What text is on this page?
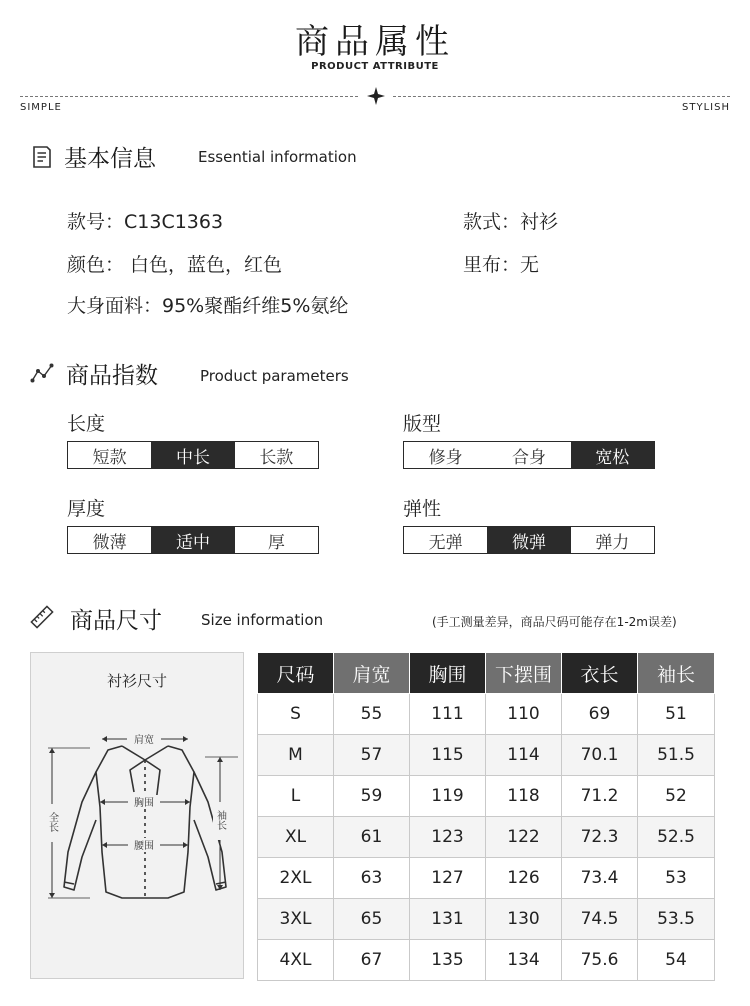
商品属性
PRODUCT ATTRIBUTE
SIMPLE	STYLISH
基本信息	Essential information
款号：C13C1363	款式：衬衫
颜色： 白色，蓝色，红色	里布：无
大身面料：95%聚酯纤维5%氨纶
商品指数	Product parameters
长度
短款	中长	长款
版型
修身	合身	宽松
厚度
微薄	适中	厚
弹性
无弹	微弹	弹力
商品尺寸	Size information	(手工测量差异，商品尺码可能存在1-2m误差)
衬衫尺寸
肩宽
胸围
腰围
全长	袖长
尺码	肩宽	胸围	下摆围	衣长	袖长
S	55	111	110	69	51
M	57	115	114	70.1	51.5
L	59	119	118	71.2	52
XL	61	123	122	72.3	52.5
2XL	63	127	126	73.4	53
3XL	65	131	130	74.5	53.5
4XL	67	135	134	75.6	54
